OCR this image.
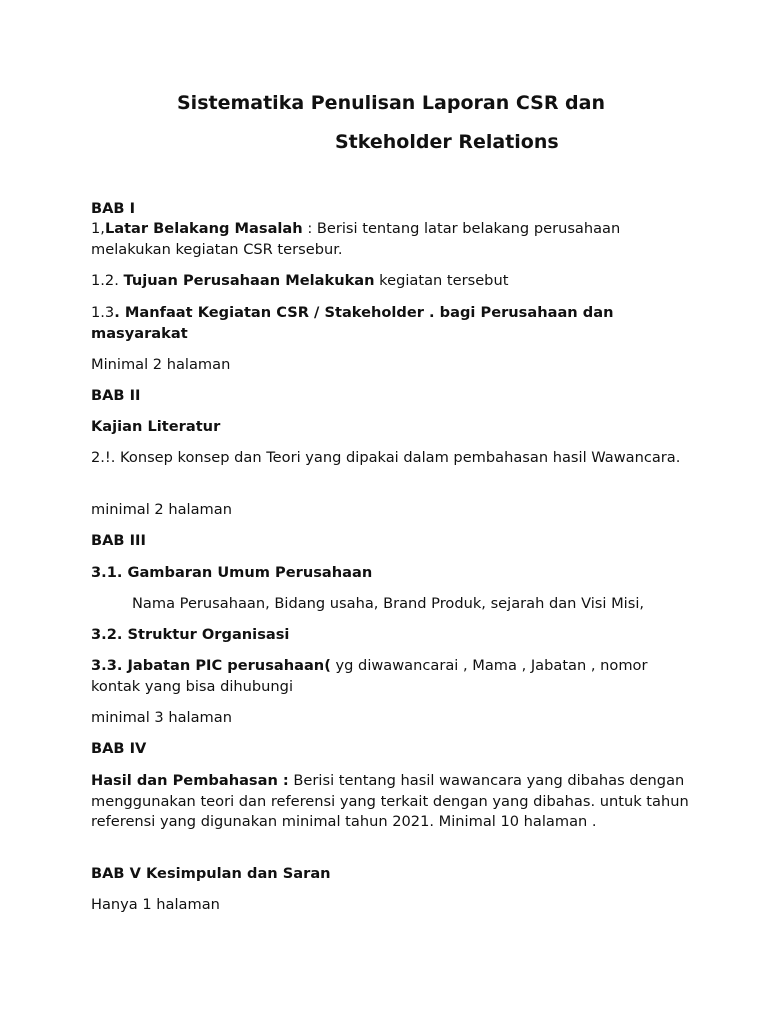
Sistematika Penulisan Laporan CSR dan
Stkeholder Relations
BAB I
1,Latar Belakang Masalah : Berisi tentang latar belakang perusahaan melakukan kegiatan CSR tersebur.
1.2. Tujuan Perusahaan Melakukan kegiatan tersebut
1.3. Manfaat Kegiatan CSR / Stakeholder . bagi Perusahaan dan masyarakat
Minimal 2 halaman
BAB II
Kajian Literatur
2.!. Konsep konsep dan Teori yang dipakai dalam pembahasan hasil Wawancara.
minimal 2 halaman
BAB III
3.1. Gambaran Umum Perusahaan
Nama Perusahaan, Bidang usaha, Brand Produk, sejarah dan Visi Misi,
3.2. Struktur Organisasi
3.3. Jabatan PIC perusahaan( yg diwawancarai , Mama , Jabatan , nomor kontak yang bisa dihubungi
minimal 3 halaman
BAB IV
Hasil dan Pembahasan : Berisi tentang hasil wawancara yang dibahas dengan menggunakan teori dan referensi yang terkait dengan yang dibahas. untuk tahun referensi yang digunakan minimal tahun 2021. Minimal 10 halaman .
BAB V Kesimpulan dan Saran
Hanya 1 halaman
